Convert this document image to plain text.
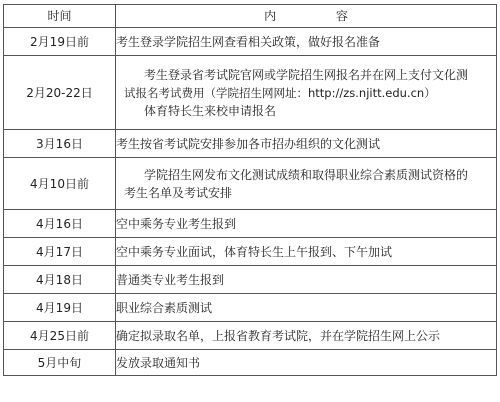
时间	内 容
2月19日前	考生登录学院招生网查看相关政策，做好报名准备

2月20-22日	考生登录省考试院官网或学院招生网报名并在网上支付文化测

试报名考试费用（学院招生网网址：http://zs.njitt.edu.cn）

体育特长生来校申请报名

3月16日	考生按省考试院安排参加各市招办组织的文化测试

4月10日前	学院招生网发布文化测试成绩和取得职业综合素质测试资格的

考生名单及考试安排

4月16日	空中乘务专业考生报到

4月17日	空中乘务专业面试，体育特长生上午报到、下午加试

4月18日	普通类专业考生报到

4月19日	职业综合素质测试

4月25日前	确定拟录取名单，上报省教育考试院，并在学院招生网上公示

5月中旬	发放录取通知书
